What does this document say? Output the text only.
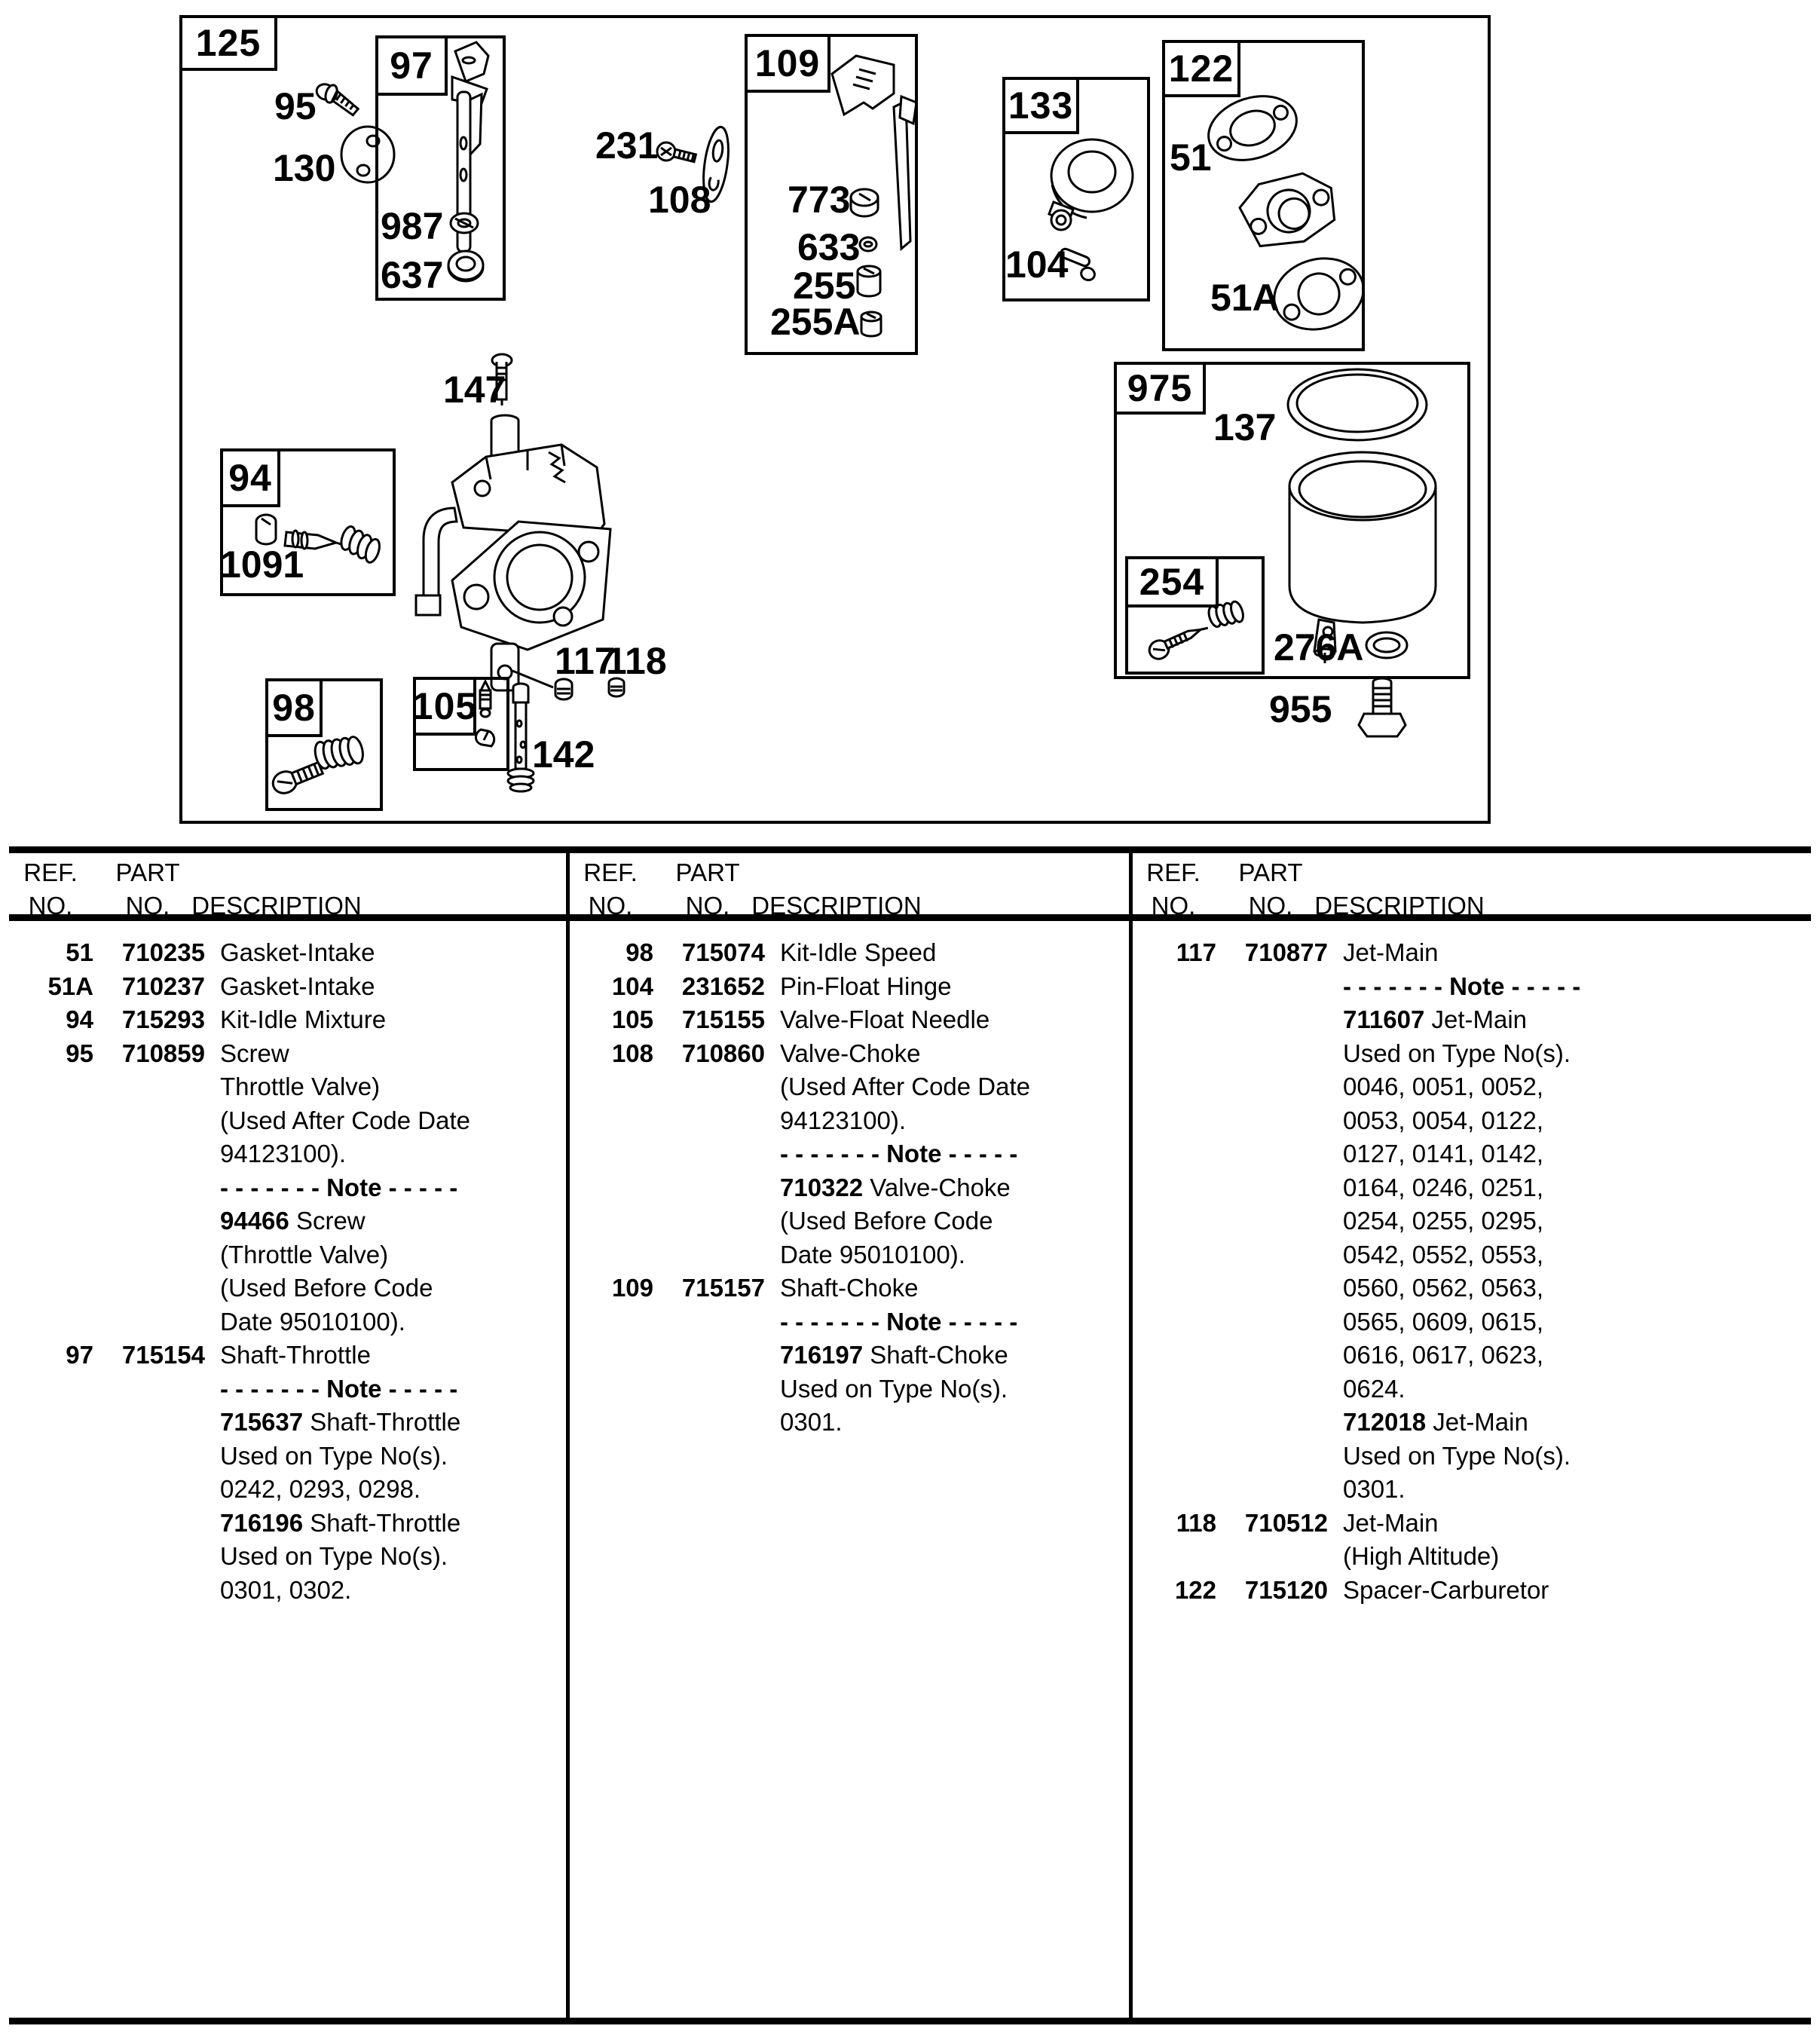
125
97	109
133
122
94
98	105
975
254
95
130
987
637
231
108 773
633
255
255A
51
51A
104
147
1091
117
118
142
137
276A
955
REF.
NO.
PART
NO. DESCRIPTION
51	710235 Gasket-Intake
51A	710237 Gasket-Intake
94	715293 Kit-Idle Mixture
95	710859 Screw
Throttle Valve)
(Used After Code Date
94123100).
- - - - - - - Note - - - - -
94466 Screw
(Throttle Valve)
(Used Before Code
Date 95010100).
97	715154 Shaft-Throttle
- - - - - - - Note - - - - -
715637 Shaft-Throttle
Used on Type No(s).
0242, 0293, 0298.
716196 Shaft-Throttle
Used on Type No(s).
0301, 0302.
REF.
NO.
PART
NO. DESCRIPTION
98	715074 Kit-Idle Speed
104	231652 Pin-Float Hinge
105	715155 Valve-Float Needle
108	710860 Valve-Choke
(Used After Code Date
94123100).
- - - - - - - Note - - - - -
710322 Valve-Choke
(Used Before Code
Date 95010100).
109	715157 Shaft-Choke
- - - - - - - Note - - - - -
716197 Shaft-Choke
Used on Type No(s).
0301.
REF.
NO.
PART
NO. DESCRIPTION
117	710877 Jet-Main
- - - - - - - Note - - - - -
711607 Jet-Main
Used on Type No(s).
0046, 0051, 0052,
0053, 0054, 0122,
0127, 0141, 0142,
0164, 0246, 0251,
0254, 0255, 0295,
0542, 0552, 0553,
0560, 0562, 0563,
0565, 0609, 0615,
0616, 0617, 0623,
0624.
712018 Jet-Main
Used on Type No(s).
0301.
118	710512 Jet-Main
(High Altitude)
122	715120 Spacer-Carburetor
